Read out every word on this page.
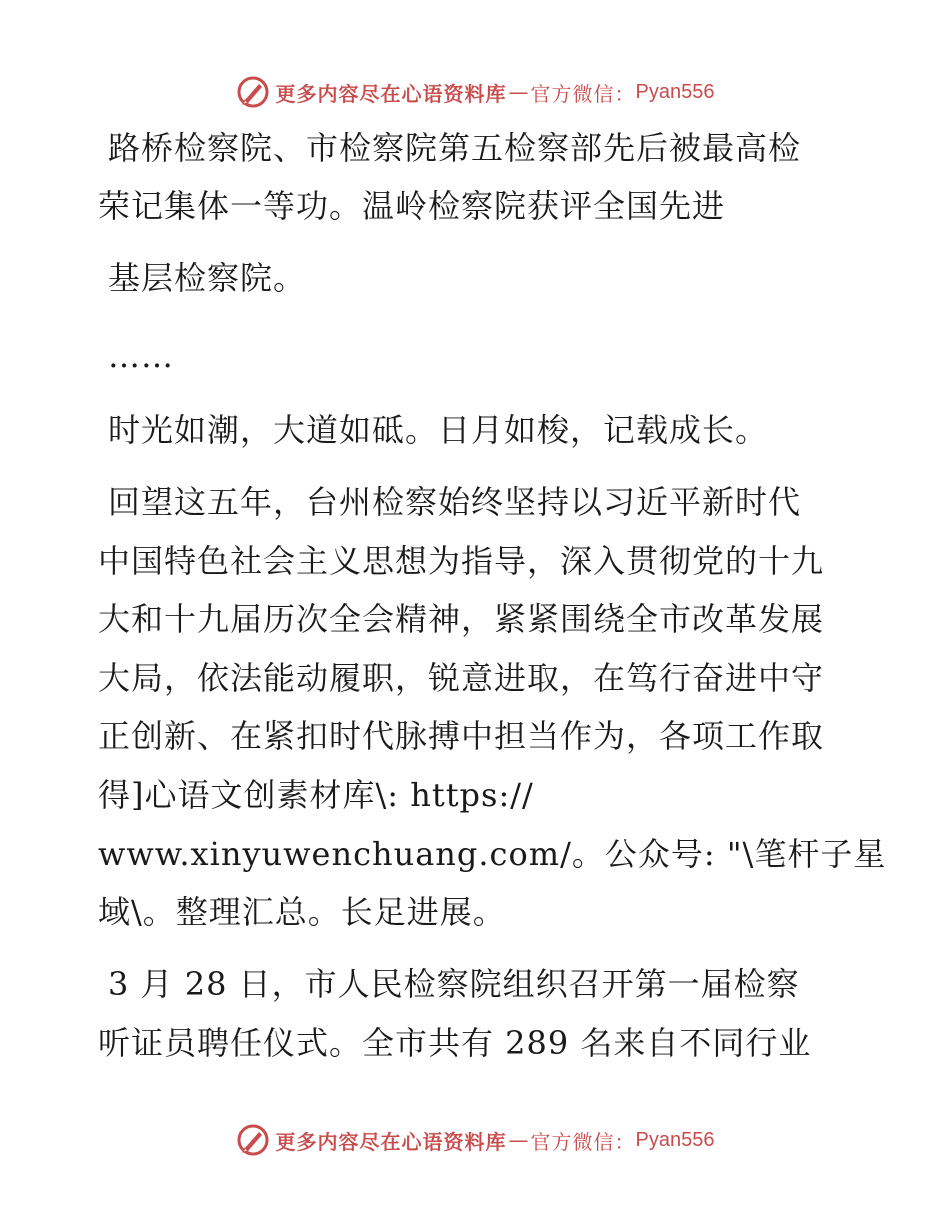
更多内容尽在心语资料库 — 官方微信： Pyan556
路桥检察院、市检察院第五检察部先后被最高检
荣记集体一等功。温岭检察院获评全国先进
基层检察院。
……
时光如潮，大道如砥。日月如梭，记载成长。
回望这五年，台州检察始终坚持以习近平新时代
中国特色社会主义思想为指导，深入贯彻党的十九
大和十九届历次全会精神，紧紧围绕全市改革发展
大局，依法能动履职，锐意进取，在笃行奋进中守
正创新、在紧扣时代脉搏中担当作为，各项工作取
得]心语文创素材库\: https://
www.xinyuwenchuang.com/。公众号: "\笔杆子星
域\。整理汇总。长足进展。
3 月 28 日，市人民检察院组织召开第一届检察
听证员聘任仪式。全市共有 289 名来自不同行业
更多内容尽在心语资料库 — 官方微信： Pyan556
